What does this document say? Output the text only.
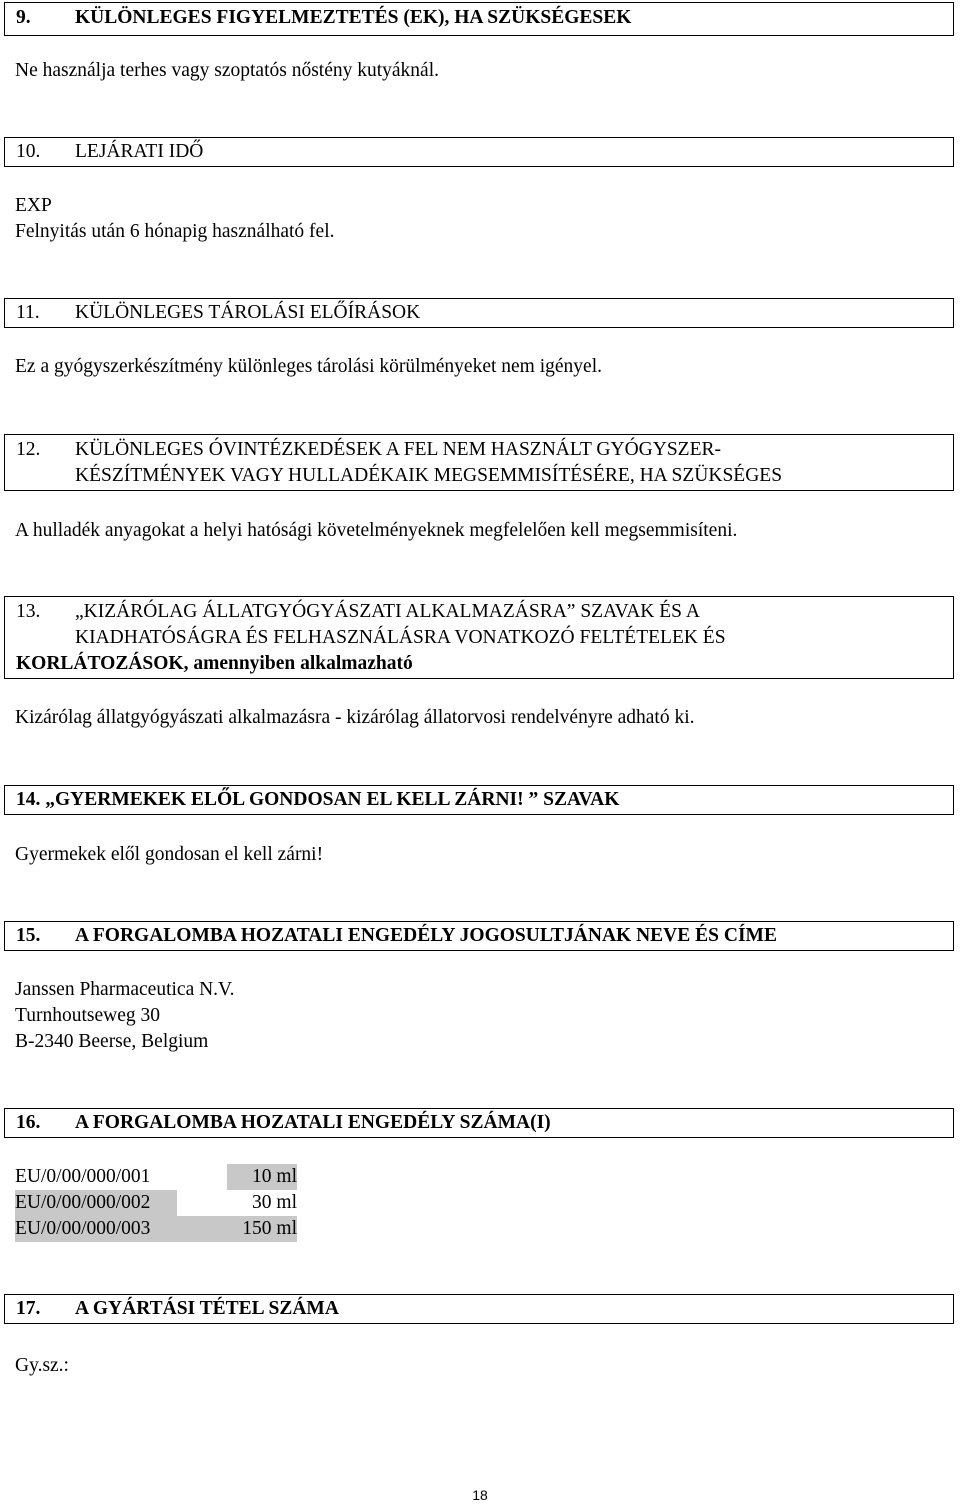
9.	KÜLÖNLEGES FIGYELMEZTETÉS (EK), HA SZÜKSÉGESEK
Ne használja terhes vagy szoptatós nőstény kutyáknál.
10.	LEJÁRATI IDŐ
EXP
Felnyitás után 6 hónapig használható fel.
11.	KÜLÖNLEGES TÁROLÁSI ELŐÍRÁSOK
Ez a gyógyszerkészítmény különleges tárolási körülményeket nem igényel.
12.	KÜLÖNLEGES ÓVINTÉZKEDÉSEK A FEL NEM HASZNÁLT GYÓGYSZER-
KÉSZÍTMÉNYEK VAGY HULLADÉKAIK MEGSEMMISÍTÉSÉRE, HA SZÜKSÉGES
A hulladék anyagokat a helyi hatósági követelményeknek megfelelően kell megsemmisíteni.
13.	„KIZÁRÓLAG ÁLLATGYÓGYÁSZATI ALKALMAZÁSRA” SZAVAK ÉS A
KIADHATÓSÁGRA ÉS FELHASZNÁLÁSRA VONATKOZÓ FELTÉTELEK ÉS
KORLÁTOZÁSOK, amennyiben alkalmazható
Kizárólag állatgyógyászati alkalmazásra - kizárólag állatorvosi rendelvényre adható ki.
14. „GYERMEKEK ELŐL GONDOSAN EL KELL ZÁRNI! ” SZAVAK
Gyermekek elől gondosan el kell zárni!
15.	A FORGALOMBA HOZATALI ENGEDÉLY JOGOSULTJÁNAK NEVE ÉS CÍME
Janssen Pharmaceutica N.V.
Turnhoutseweg 30
B-2340 Beerse, Belgium
16.	A FORGALOMBA HOZATALI ENGEDÉLY SZÁMA(I)
EU/0/00/000/001		10 ml
EU/0/00/000/002		30 ml
EU/0/00/000/003		150 ml
17.	A GYÁRTÁSI TÉTEL SZÁMA
Gy.sz.:
18
